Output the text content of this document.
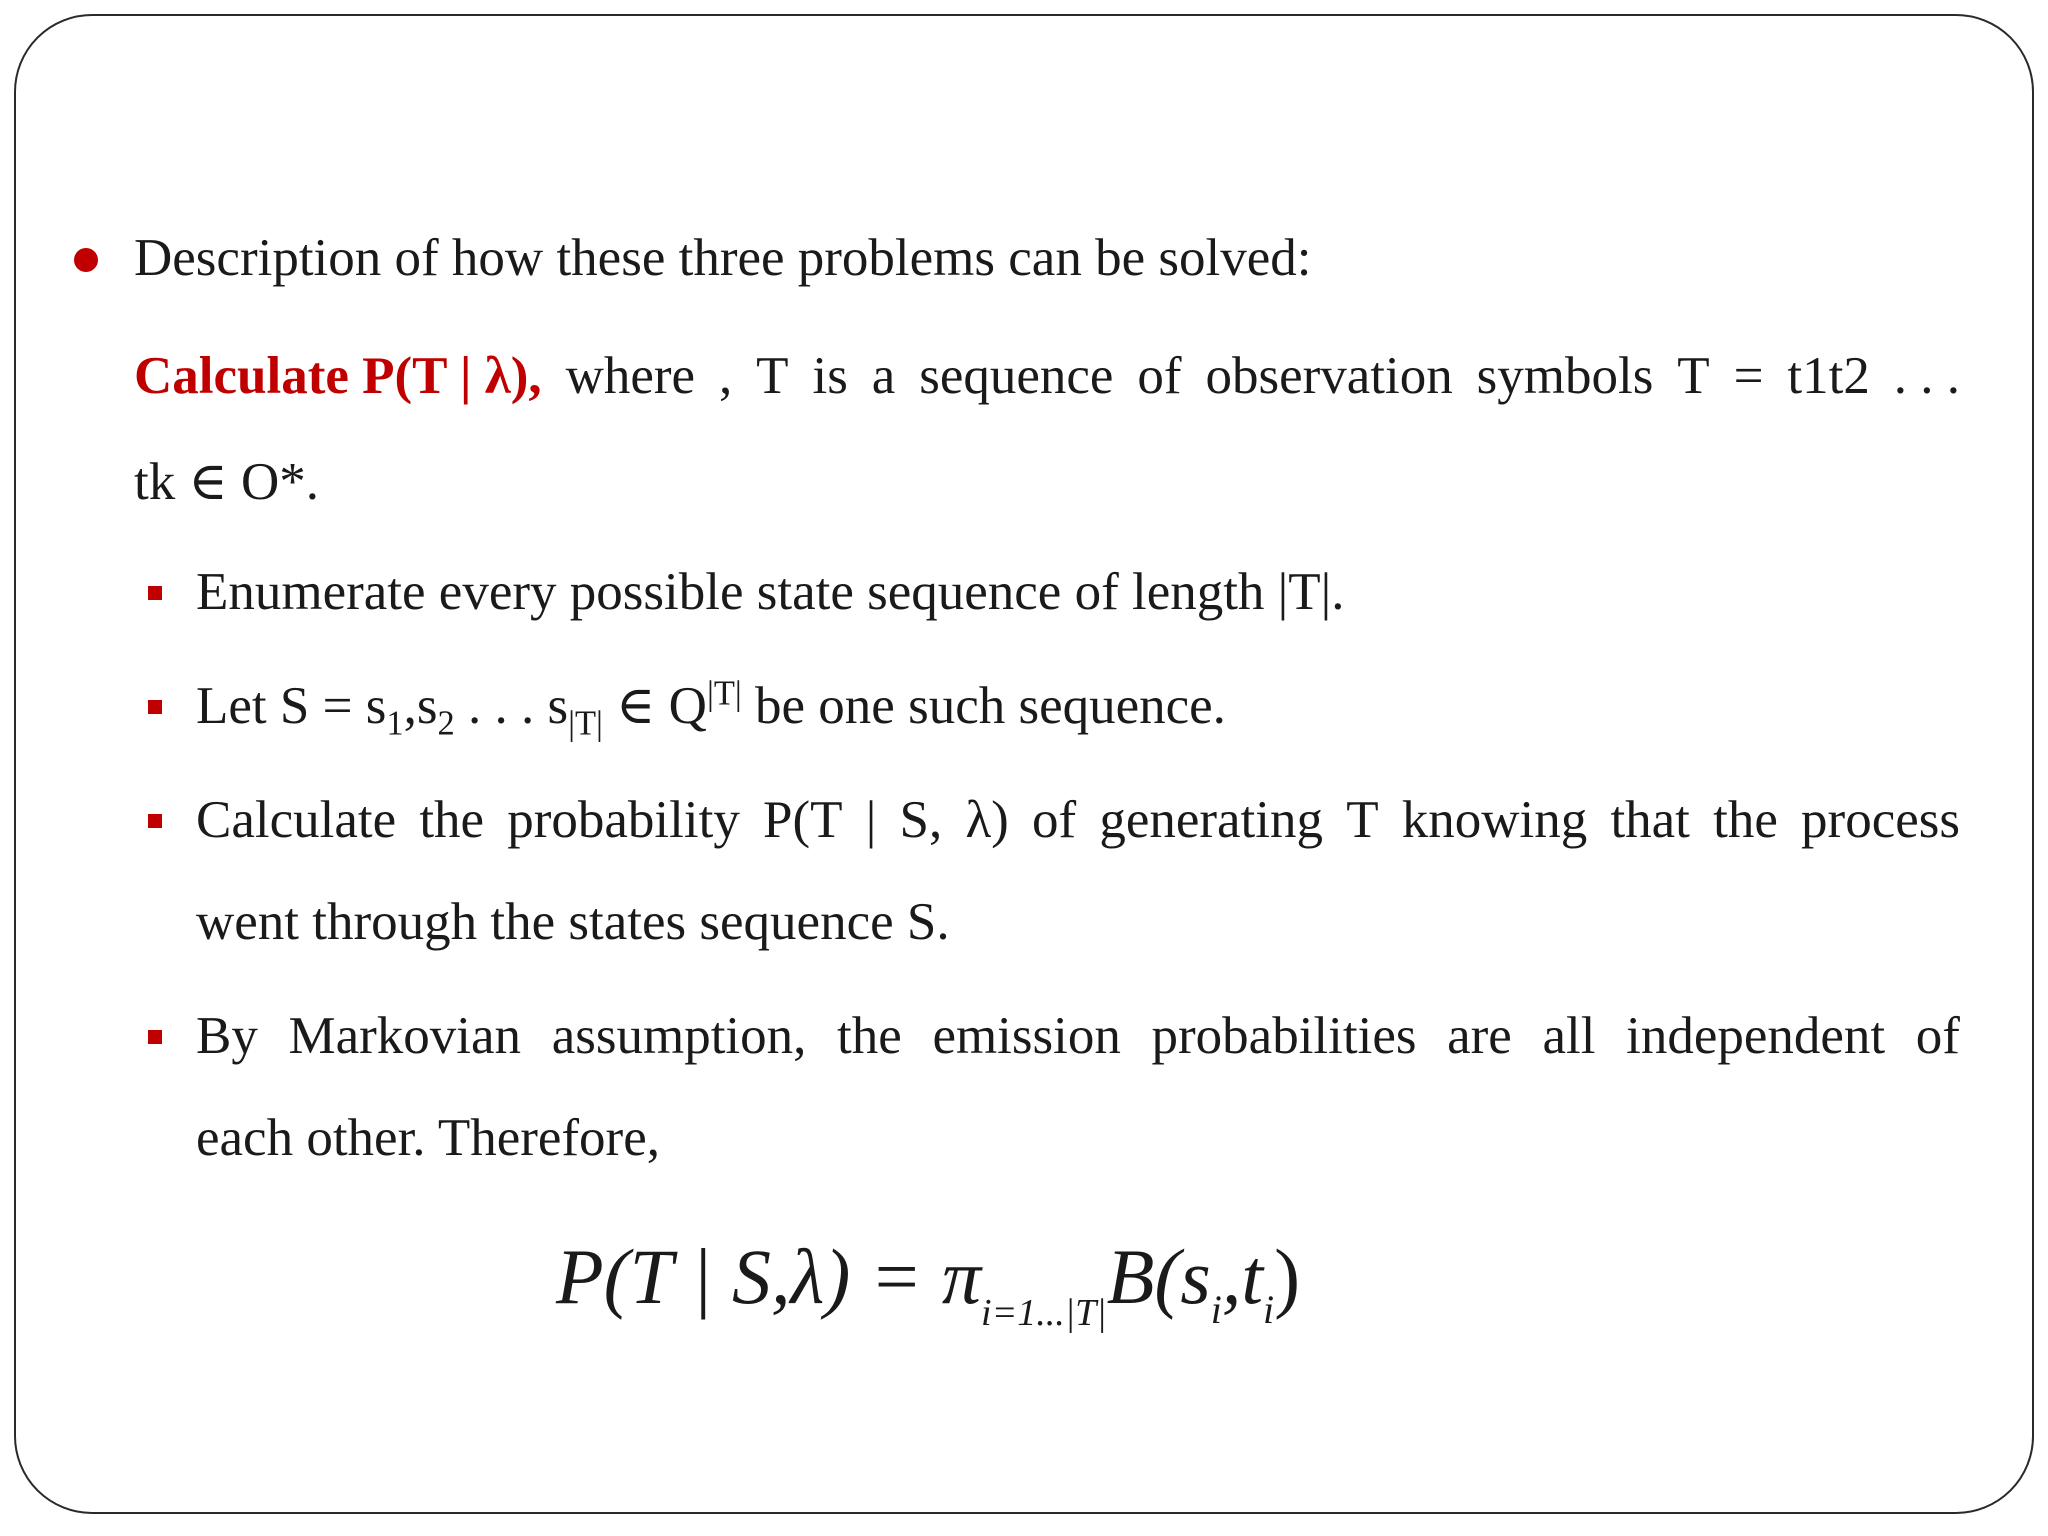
Description of how these three problems can be solved:
Calculate P(T | λ), where , T is a sequence of observation symbols T = t1t2 . . .
tk ∈ O*.
Enumerate every possible state sequence of length |T|.
Let $S = s_1,s_2$ . . . $s_{|T|}$ ∈ $Q^{|T|}$ be one such sequence.
Calculate the probability P(T | S, λ) of generating T knowing that the process
went through the states sequence S.
By Markovian assumption, the emission probabilities are all independent of
each other. Therefore,
P(T | $S,\lambda) = \pi_{i=1...|T|}B(s_i,t_i)$
